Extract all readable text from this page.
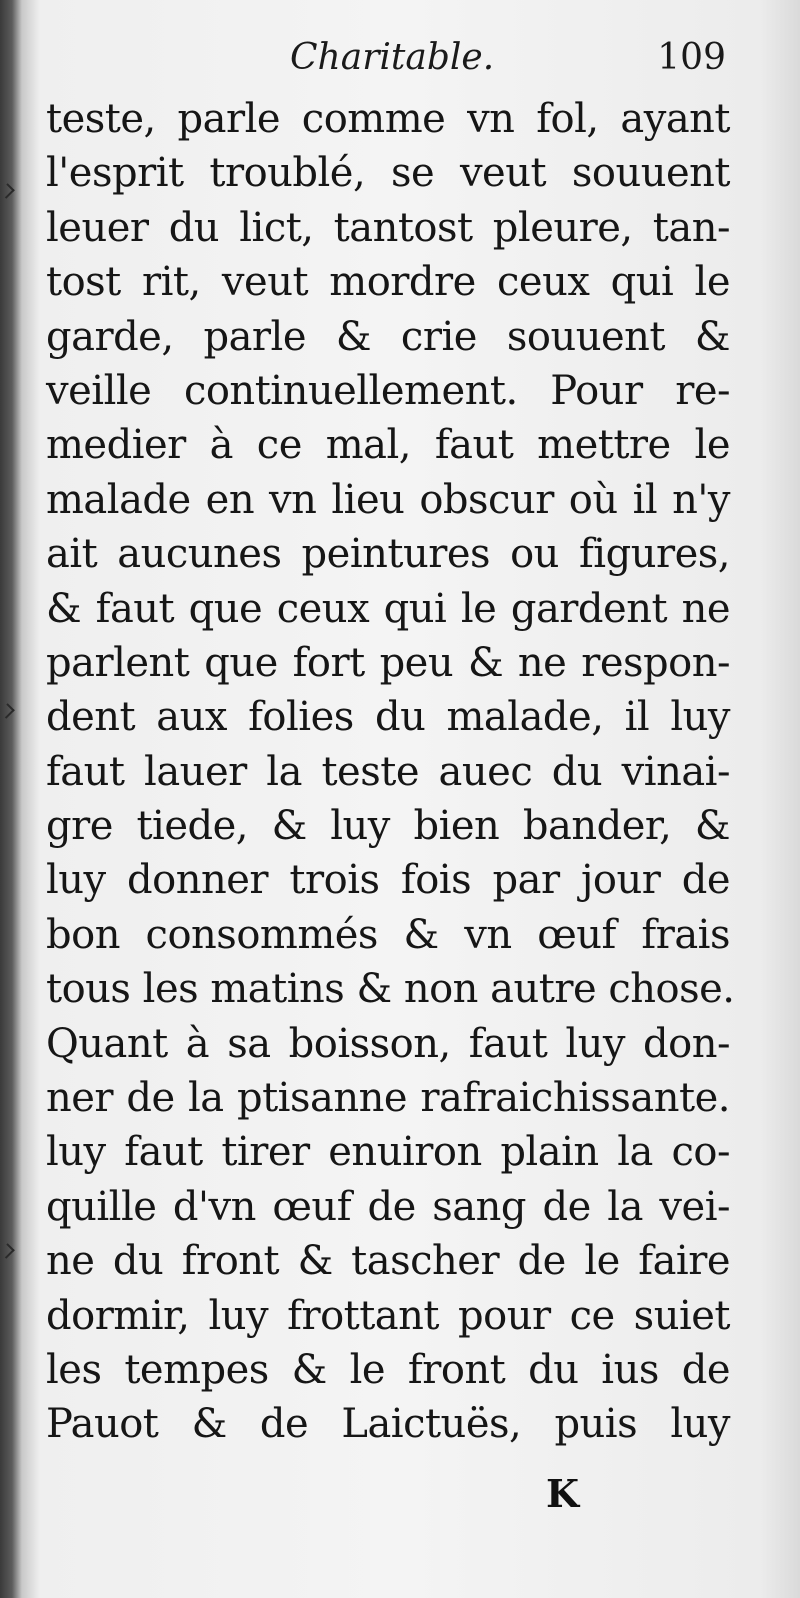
Charitable.	109
teste, parle comme vn fol, ayant
l'esprit troublé, se veut souuent
leuer du lict, tantost pleure, tan-
tost rit, veut mordre ceux qui le
garde, parle & crie souuent &
veille continuellement. Pour re-
medier à ce mal, faut mettre le
malade en vn lieu obscur où il n'y
ait aucunes peintures ou figures,
& faut que ceux qui le gardent ne
parlent que fort peu & ne respon-
dent aux folies du malade, il luy
faut lauer la teste auec du vinai-
gre tiede, & luy bien bander, &
luy donner trois fois par jour de
bon consommés & vn œuf frais
tous les matins & non autre chose.
Quant à sa boisson, faut luy don-
ner de la ptisanne rafraichissante.
luy faut tirer enuiron plain la co-
quille d'vn œuf de sang de la vei-
ne du front & tascher de le faire
dormir, luy frottant pour ce suiet
les tempes & le front du ius de
Pauot & de Laictuës, puis luy
K
